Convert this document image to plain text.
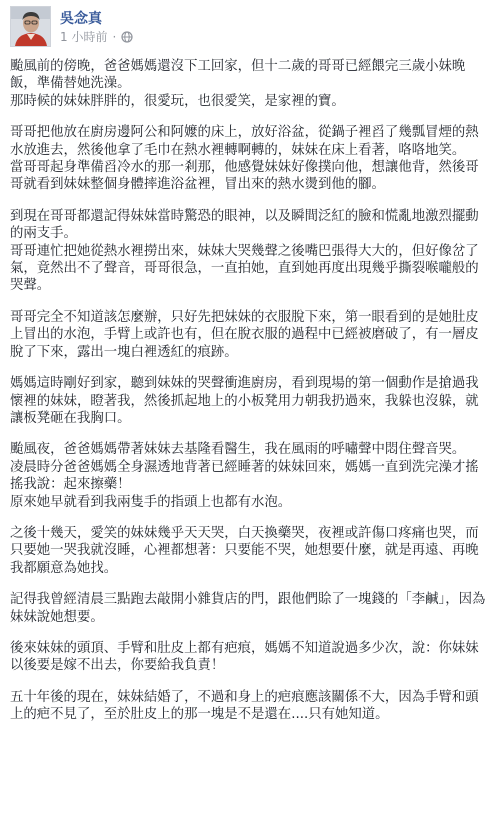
吳念真
1 小時前 ·

颱風前的傍晚，爸爸媽媽還沒下工回家，但十二歲的哥哥已經餵完三歲小妹晚飯，準備替她洗澡。

那時候的妹妹胖胖的，很愛玩，也很愛笑，是家裡的寶。

哥哥把他放在廚房邊阿公和阿嬤的床上，放好浴盆，從鍋子裡舀了幾瓢冒煙的熱水放進去，然後他拿了毛巾在熱水裡轉啊轉的，妹妹在床上看著，咯咯地笑。

當哥哥起身準備舀冷水的那一剎那，他感覺妹妹好像撲向他，想讓他背，然後哥哥就看到妹妹整個身體摔進浴盆裡，冒出來的熱水燙到他的腳。

到現在哥哥都還記得妹妹當時驚恐的眼神，以及瞬間泛紅的臉和慌亂地激烈擺動的兩支手。

哥哥連忙把她從熱水裡撈出來，妹妹大哭幾聲之後嘴巴張得大大的，但好像岔了氣，竟然出不了聲音，哥哥很急，一直拍她，直到她再度出現幾乎撕裂喉嚨般的哭聲。

哥哥完全不知道該怎麼辦，只好先把妹妹的衣服脫下來，第一眼看到的是她肚皮上冒出的水泡，手臂上或許也有，但在脫衣服的過程中已經被磨破了，有一層皮脫了下來，露出一塊白裡透紅的痕跡。

媽媽這時剛好到家，聽到妹妹的哭聲衝進廚房，看到現場的第一個動作是搶過我懷裡的妹妹，瞪著我，然後抓起地上的小板凳用力朝我扔過來，我躲也沒躲，就讓板凳砸在我胸口。

颱風夜，爸爸媽媽帶著妹妹去基隆看醫生，我在風雨的呼嘯聲中悶住聲音哭。

凌晨時分爸爸媽媽全身濕透地背著已經睡著的妹妹回來，媽媽一直到洗完澡才搖搖我說：起來擦藥！

原來她早就看到我兩隻手的指頭上也都有水泡。

之後十幾天，愛笑的妹妹幾乎天天哭，白天換藥哭，夜裡或許傷口疼痛也哭，而只要她一哭我就沒睡，心裡都想著：只要能不哭，她想要什麼，就是再遠、再晚我都願意為她找。

記得我曾經清晨三點跑去敲開小雜貨店的門，跟他們賒了一塊錢的「李鹹」，因為妹妹說她想要。

後來妹妹的頭頂、手臂和肚皮上都有疤痕，媽媽不知道說過多少次，說：你妹妹以後要是嫁不出去，你要給我負責！

五十年後的現在，妹妹結婚了，不過和身上的疤痕應該關係不大，因為手臂和頭上的疤不見了，至於肚皮上的那一塊是不是還在....只有她知道。
